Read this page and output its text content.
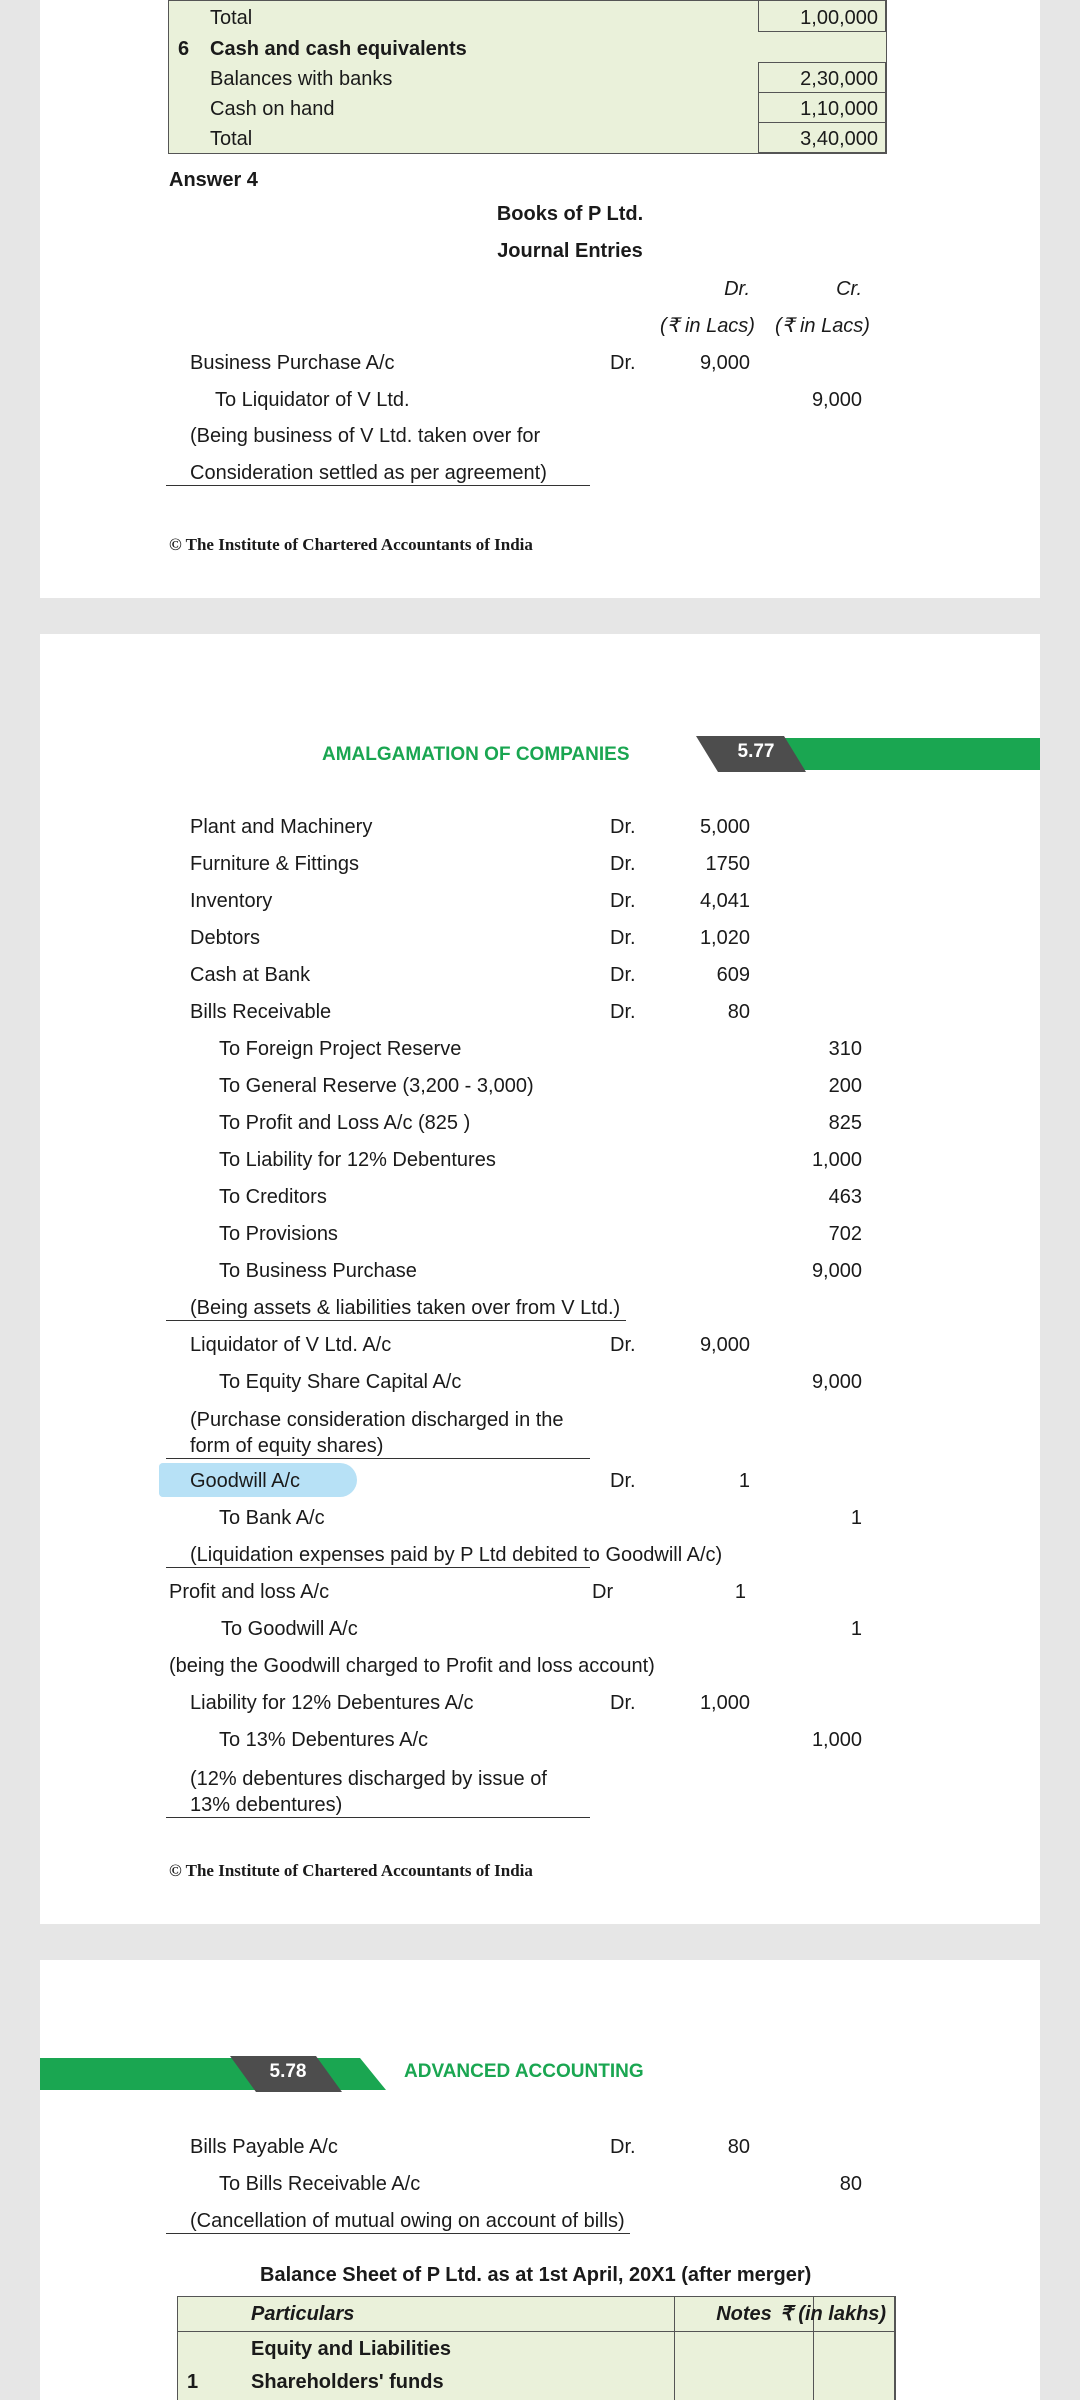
Total	1,00,000
6 Cash and cash equivalents
Balances with banks	2,30,000
Cash on hand	1,10,000
Total	3,40,000
Answer 4
Books of P Ltd.
Journal Entries
Dr.	Cr.
(₹ in Lacs) (₹ in Lacs)
Business Purchase A/c	Dr.	9,000
To Liquidator of V Ltd.	9,000
(Being business of V Ltd. taken over for
Consideration settled as per agreement)
© The Institute of Chartered Accountants of India
AMALGAMATION OF COMPANIES	5.77
Plant and Machinery	Dr.	5,000
Furniture & Fittings	Dr.	1750
Inventory	Dr.	4,041
Debtors	Dr.	1,020
Cash at Bank	Dr.	609
Bills Receivable	Dr.	80
To Foreign Project Reserve	310
To General Reserve (3,200 - 3,000)	200
To Profit and Loss A/c (825 )	825
To Liability for 12% Debentures	1,000
To Creditors	463
To Provisions	702
To Business Purchase	9,000
(Being assets & liabilities taken over from V Ltd.)
Liquidator of V Ltd. A/c	Dr.	9,000
To Equity Share Capital A/c	9,000
(Purchase consideration discharged in the
form of equity shares)
Goodwill A/c	Dr.	1
To Bank A/c	1
(Liquidation expenses paid by P Ltd debited to Goodwill A/c)
Profit and loss A/c	Dr	1
To Goodwill A/c	1
(being the Goodwill charged to Profit and loss account)
Liability for 12% Debentures A/c	Dr.	1,000
To 13% Debentures A/c	1,000
(12% debentures discharged by issue of
13% debentures)
© The Institute of Chartered Accountants of India
5.78	ADVANCED ACCOUNTING
Bills Payable A/c	Dr.	80
To Bills Receivable A/c	80
(Cancellation of mutual owing on account of bills)
Balance Sheet of P Ltd. as at 1st April, 20X1 (after merger)
Particulars	Notes ₹ (in lakhs)
Equity and Liabilities
1	Shareholders' funds
